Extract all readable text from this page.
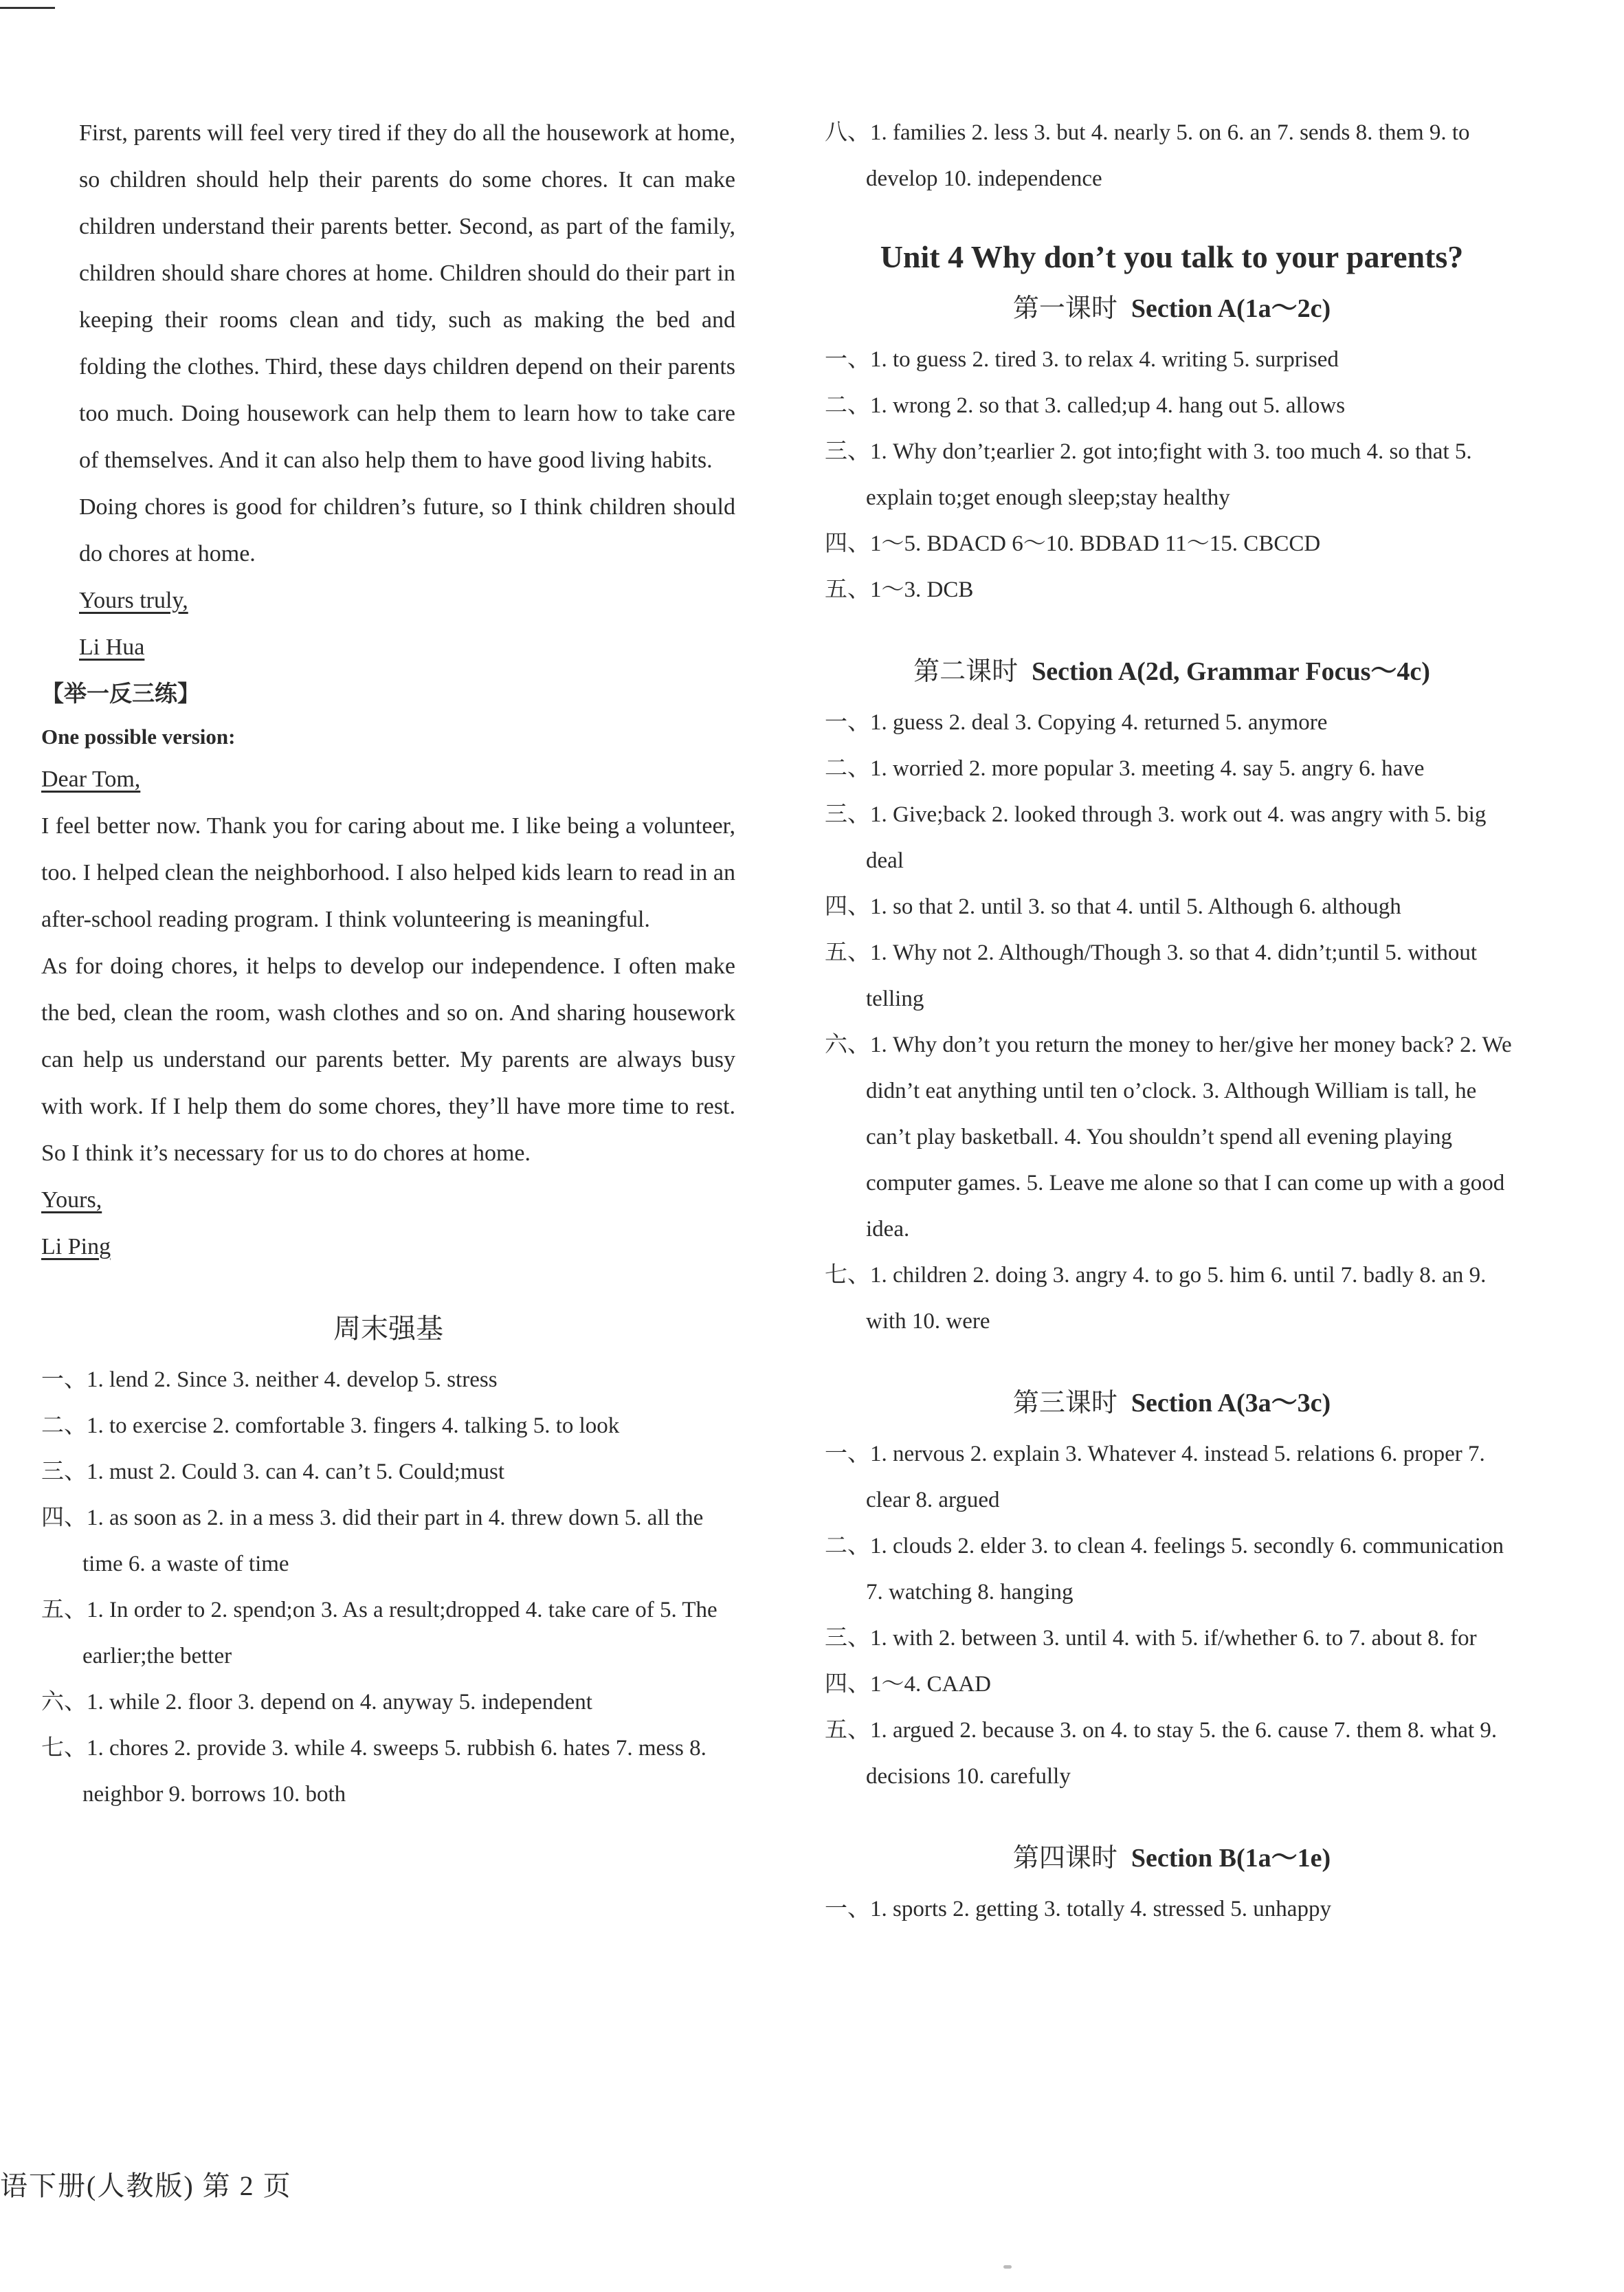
First, parents will feel very tired if they do all the housework at home, so children should help their parents do some chores. It can make children understand their parents better. Second, as part of the family, children should share chores at home. Children should do their part in keeping their rooms clean and tidy, such as making the bed and folding the clothes. Third, these days children depend on their parents too much. Doing housework can help them to learn how to take care of themselves. And it can also help them to have good living habits.

Doing chores is good for children’s future, so I think children should do chores at home.

Yours truly,
Li Hua
【举一反三练】
One possible version:
Dear Tom,

I feel better now. Thank you for caring about me. I like being a volunteer, too. I helped clean the neighborhood. I also helped kids learn to read in an after-school reading program. I think volunteering is meaningful.

As for doing chores, it helps to develop our independence. I often make the bed, clean the room, wash clothes and so on. And sharing housework can help us understand our parents better. My parents are always busy with work. If I help them do some chores, they’ll have more time to rest. So I think it’s necessary for us to do chores at home.

Yours,
Li Ping
周末强基

一、1. lend 2. Since 3. neither 4. develop 5. stress

二、1. to exercise 2. comfortable 3. fingers 4. talking 5. to look

三、1. must 2. Could 3. can 4. can’t 5. Could;must

四、1. as soon as 2. in a mess 3. did their part in 4. threw down 5. all the time 6. a waste of time

五、1. In order to 2. spend;on 3. As a result;dropped 4. take care of 5. The earlier;the better

六、1. while 2. floor 3. depend on 4. anyway 5. independent

七、1. chores 2. provide 3. while 4. sweeps 5. rubbish 6. hates 7. mess 8. neighbor 9. borrows 10. both

八、1. families 2. less 3. but 4. nearly 5. on 6. an 7. sends 8. them 9. to develop 10. independence

Unit 4 Why don’t you talk to your parents?
第一课时 Section A(1a～2c)

一、1. to guess 2. tired 3. to relax 4. writing 5. surprised

二、1. wrong 2. so that 3. called;up 4. hang out 5. allows

三、1. Why don’t;earlier 2. got into;fight with 3. too much 4. so that 5. explain to;get enough sleep;stay healthy

四、1～5. BDACD 6～10. BDBAD 11～15. CBCCD

五、1～3. DCB

第二课时 Section A(2d, Grammar Focus～4c)

一、1. guess 2. deal 3. Copying 4. returned 5. anymore

二、1. worried 2. more popular 3. meeting 4. say 5. angry 6. have

三、1. Give;back 2. looked through 3. work out 4. was angry with 5. big deal

四、1. so that 2. until 3. so that 4. until 5. Although 6. although

五、1. Why not 2. Although/Though 3. so that 4. didn’t;until 5. without telling

六、1. Why don’t you return the money to her/give her money back? 2. We didn’t eat anything until ten o’clock. 3. Although William is tall, he can’t play basketball. 4. You shouldn’t spend all evening playing computer games. 5. Leave me alone so that I can come up with a good idea.

七、1. children 2. doing 3. angry 4. to go 5. him 6. until 7. badly 8. an 9. with 10. were

第三课时 Section A(3a～3c)

一、1. nervous 2. explain 3. Whatever 4. instead 5. relations 6. proper 7. clear 8. argued

二、1. clouds 2. elder 3. to clean 4. feelings 5. secondly 6. communication 7. watching 8. hanging

三、1. with 2. between 3. until 4. with 5. if/whether 6. to 7. about 8. for

四、1～4. CAAD

五、1. argued 2. because 3. on 4. to stay 5. the 6. cause 7. them 8. what 9. decisions 10. carefully

第四课时 Section B(1a～1e)

一、1. sports 2. getting 3. totally 4. stressed 5. unhappy

语下册(人教版) 第 2 页
